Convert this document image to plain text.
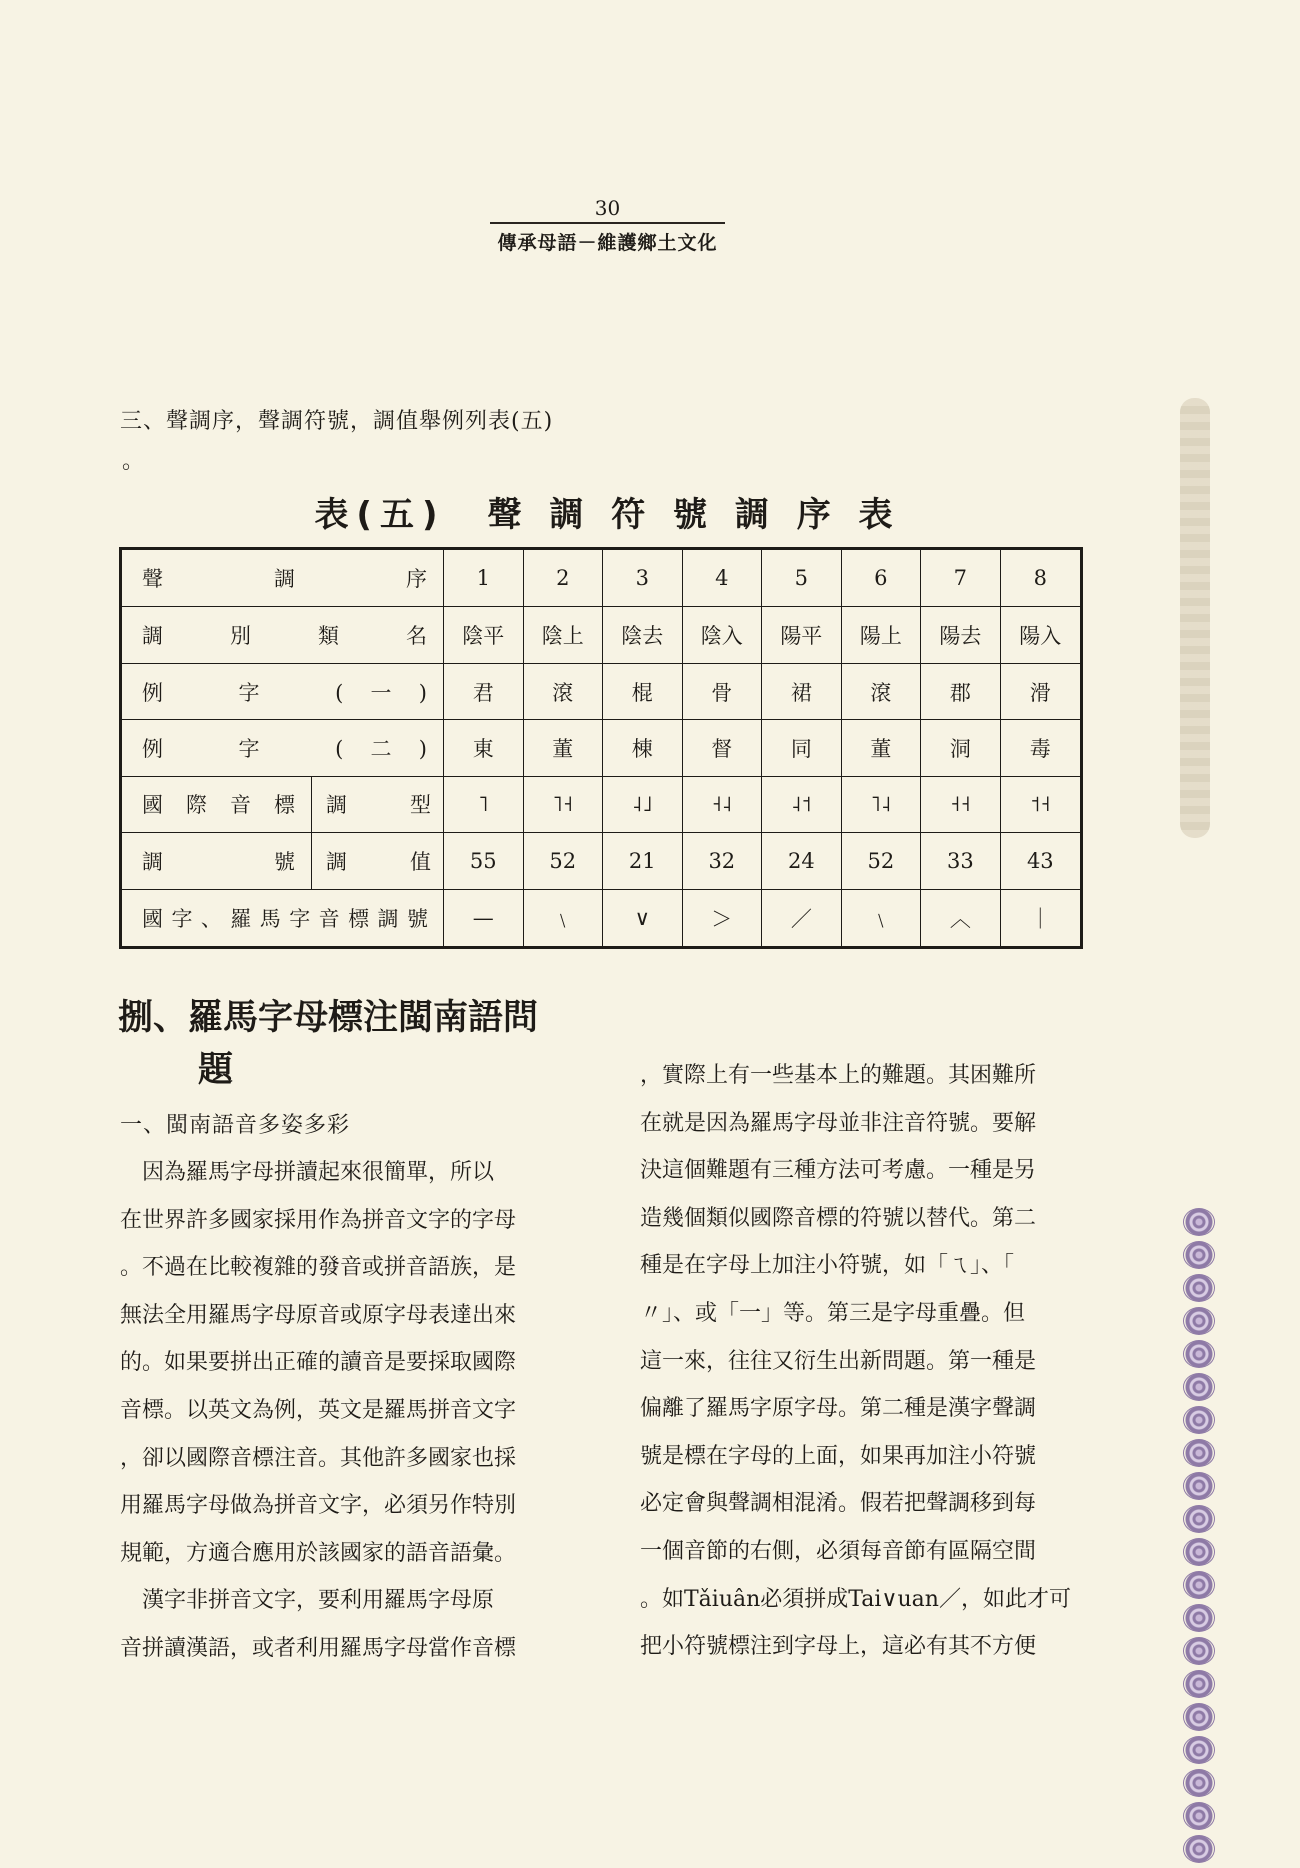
30
傳承母語－維護鄉土文化
三、聲調序，聲調符號，調值舉例列表(五)
。
表(五)　聲 調 符 號 調 序 表
聲　調　序		1	2	3	4	5	6	7	8
調　別　類　名		陰平	陰上	陰去	陰入	陽平	陽上	陽去	陽入
例　字　(一)		君	滾	棍	骨	裙	滾	郡	滑
例　字　(二)		東	董	棟	督	同	董	洞	毒
國際音標	調　型	˥	˥˧	˨˩	˧˨	˨˦	˥˨	˧˧	˦˧
調　號	調　值	55	52	21	32	24	52	33	43
國字、羅馬字音標調號		—	﹨	∨	＞	／	﹨	︿	｜
捌、羅馬字母標注閩南語問
題
一、閩南語音多姿多彩

　因為羅馬字母拼讀起來很簡單，所以

在世界許多國家採用作為拼音文字的字母

。不過在比較複雜的發音或拼音語族，是

無法全用羅馬字母原音或原字母表達出來

的。如果要拼出正確的讀音是要採取國際

音標。以英文為例，英文是羅馬拼音文字

，卻以國際音標注音。其他許多國家也採

用羅馬字母做為拼音文字，必須另作特別

規範，方適合應用於該國家的語音語彙。

　漢字非拼音文字，要利用羅馬字母原

音拼讀漢語，或者利用羅馬字母當作音標

，實際上有一些基本上的難題。其困難所

在就是因為羅馬字母並非注音符號。要解

決這個難題有三種方法可考慮。一種是另

造幾個類似國際音標的符號以替代。第二

種是在字母上加注小符號，如「ㄟ」、「

〃」、或「一」等。第三是字母重疊。但

這一來，往往又衍生出新問題。第一種是

偏離了羅馬字原字母。第二種是漢字聲調

號是標在字母的上面，如果再加注小符號

必定會與聲調相混淆。假若把聲調移到每

一個音節的右側，必須每音節有區隔空間

。如Tǎiuân必須拼成Tai∨uan／，如此才可

把小符號標注到字母上，這必有其不方便
